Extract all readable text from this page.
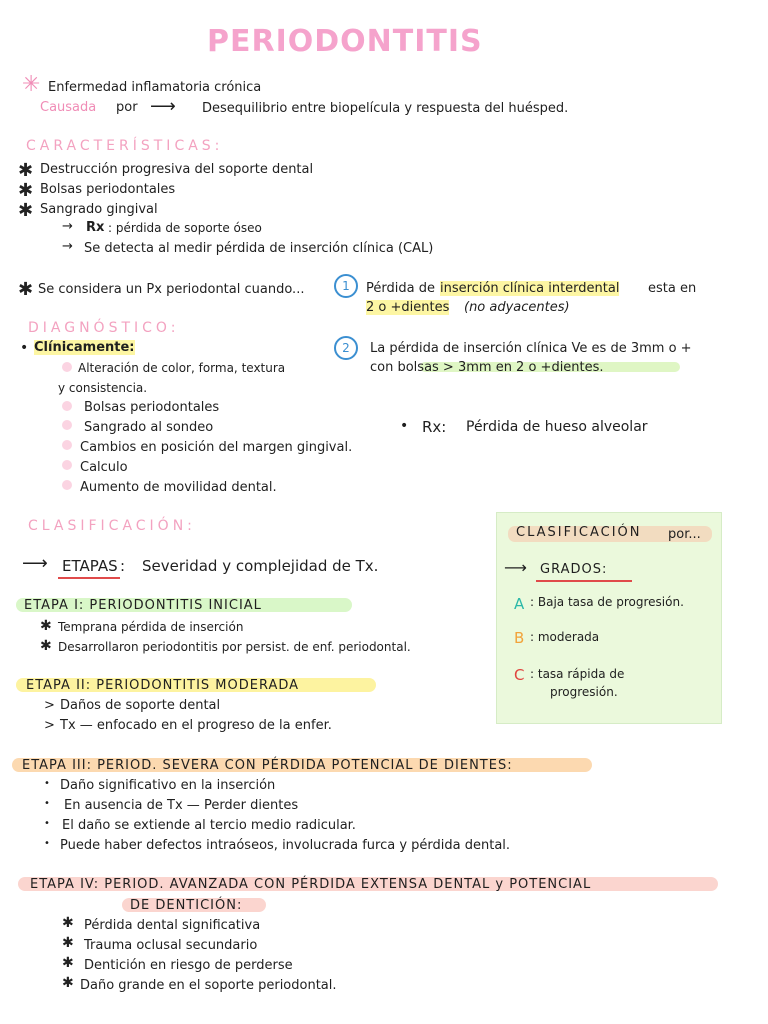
PERIODONTITIS
✳ Enfermedad inflamatoria crónica
Causada por ⟶ Desequilibrio entre biopelícula y respuesta del huésped.
CARACTERÍSTICAS:
✱ Destrucción progresiva del soporte dental
✱ Bolsas periodontales
✱ Sangrado gingival
→ Rx : pérdida de soporte óseo
→ Se detecta al medir pérdida de inserción clínica (CAL)
✱ Se considera un Px periodontal cuando...	1	Pérdida de inserción clínica interdental esta en
2 o +dientes (no adyacentes)
2	La pérdida de inserción clínica Ve es de 3mm o +
con bolsas > 3mm en 2 o +dientes.
DIAGNÓSTICO:
• Clínicamente:
Alteración de color, forma, textura
y consistencia.
Bolsas periodontales
Sangrado al sondeo
Cambios en posición del margen gingival.
Calculo
Aumento de movilidad dental.
• Rx: Pérdida de hueso alveolar
CLASIFICACIÓN:
⟶ ETAPAS : Severidad y complejidad de Tx.
CLASIFICACIÓN por...
⟶ GRADOS:
A : Baja tasa de progresión.
B : moderada
C : tasa rápida de
progresión.
ETAPA I: PERIODONTITIS INICIAL
✱ Temprana pérdida de inserción
✱ Desarrollaron periodontitis por persist. de enf. periodontal.
ETAPA II: PERIODONTITIS MODERADA
> Daños de soporte dental
> Tx — enfocado en el progreso de la enfer.
ETAPA III: PERIOD. SEVERA CON PÉRDIDA POTENCIAL DE DIENTES:
• Daño significativo en la inserción
• En ausencia de Tx — Perder dientes
• El daño se extiende al tercio medio radicular.
• Puede haber defectos intraóseos, involucrada furca y pérdida dental.
ETAPA IV: PERIOD. AVANZADA CON PÉRDIDA EXTENSA DENTAL y POTENCIAL
DE DENTICIÓN:
✱ Pérdida dental significativa
✱ Trauma oclusal secundario
✱ Dentición en riesgo de perderse
✱ Daño grande en el soporte periodontal.
